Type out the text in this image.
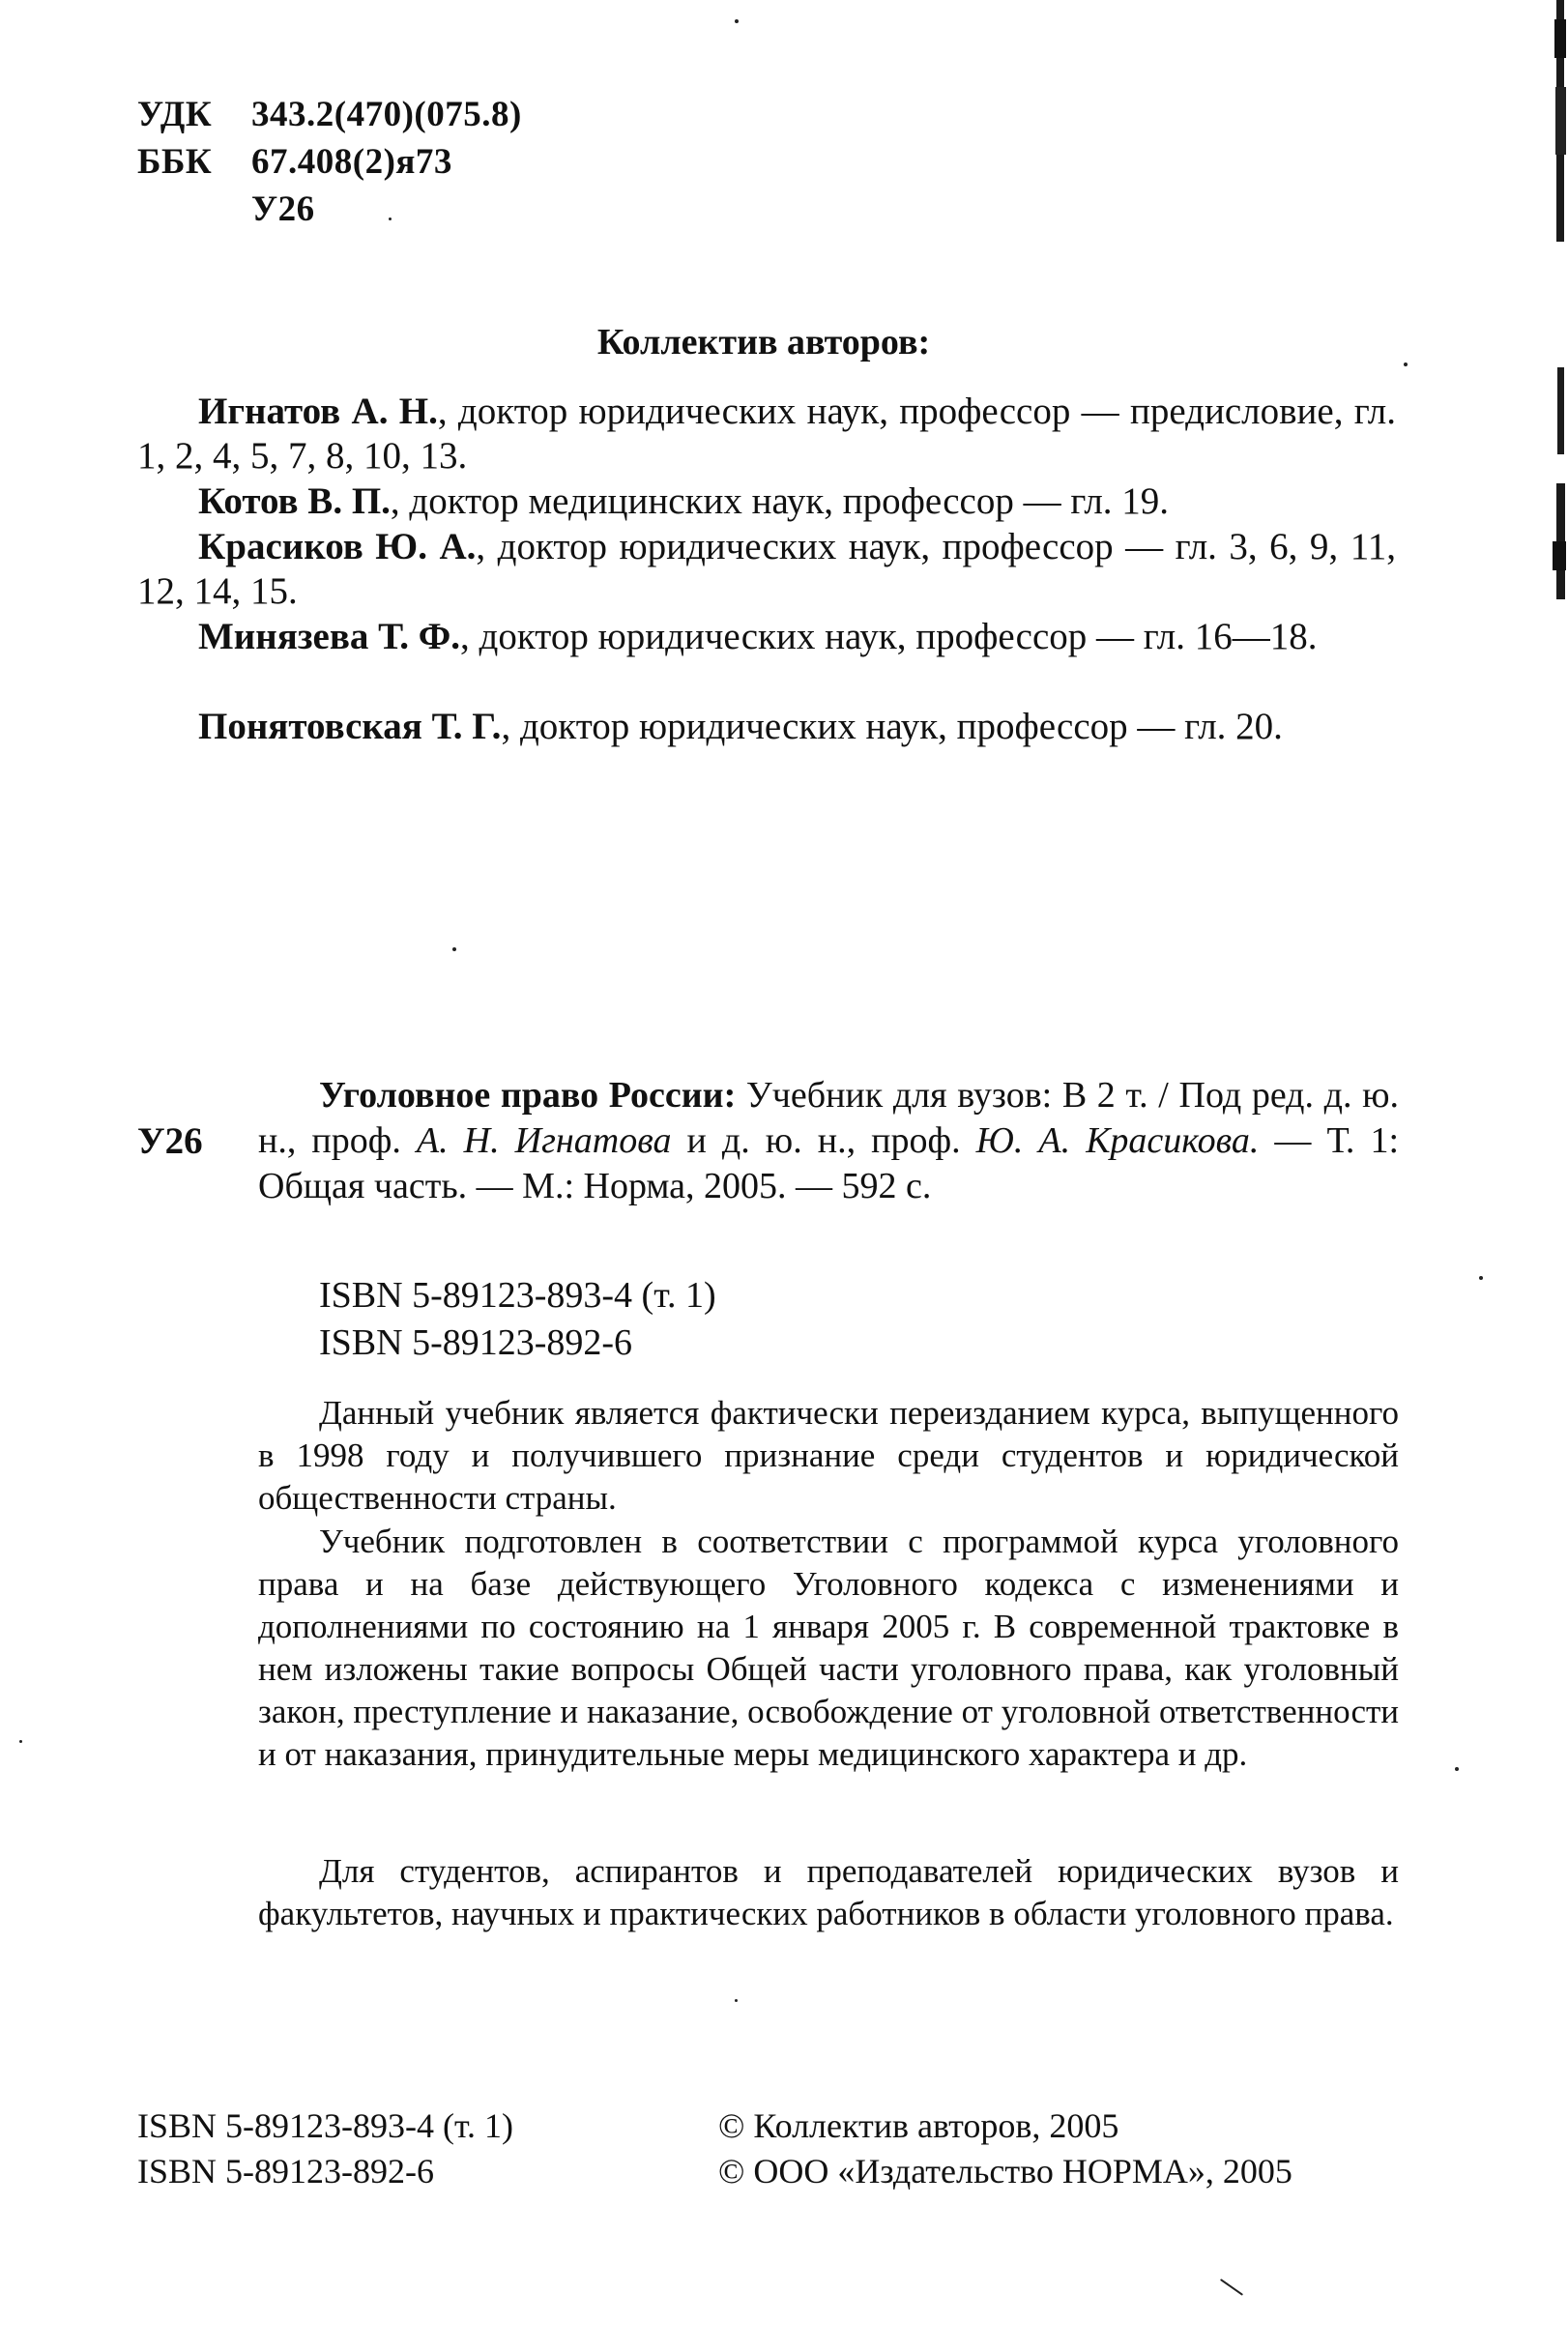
УДК 343.2(470)(075.8)
ББК 67.408(2)я73
У26
Коллектив авторов:
Игнатов А. Н., доктор юридических наук, профессор — предисловие, гл. 1, 2, 4, 5, 7, 8, 10, 13.
Котов В. П., доктор медицинских наук, профессор — гл. 19.
Красиков Ю. А., доктор юридических наук, профессор — гл. 3, 6, 9, 11, 12, 14, 15.
Минязева Т. Ф., доктор юридических наук, профессор — гл. 16—18.
Понятовская Т. Г., доктор юридических наук, профессор — гл. 20.
У26
Уголовное право России: Учебник для вузов: В 2 т. / Под ред. д. ю. н., проф. А. Н. Игнатова и д. ю. н., проф. Ю. А. Красикова. — Т. 1: Общая часть. — М.: Норма, 2005. — 592 с.
ISBN 5-89123-893-4 (т. 1)
ISBN 5-89123-892-6
Данный учебник является фактически переизданием курса, выпущенного в 1998 году и получившего признание среди студентов и юридической общественности страны.
Учебник подготовлен в соответствии с программой курса уголовного права и на базе действующего Уголовного кодекса с изменениями и дополнениями по состоянию на 1 января 2005 г. В современной трактовке в нем изложены такие вопросы Общей части уголовного права, как уголовный закон, преступление и наказание, освобождение от уголовной ответственности и от наказания, принудительные меры медицинского характера и др.
Для студентов, аспирантов и преподавателей юридических вузов и факультетов, научных и практических работников в области уголовного права.
ISBN 5-89123-893-4 (т. 1)
ISBN 5-89123-892-6
© Коллектив авторов, 2005
© ООО «Издательство НОРМА», 2005
